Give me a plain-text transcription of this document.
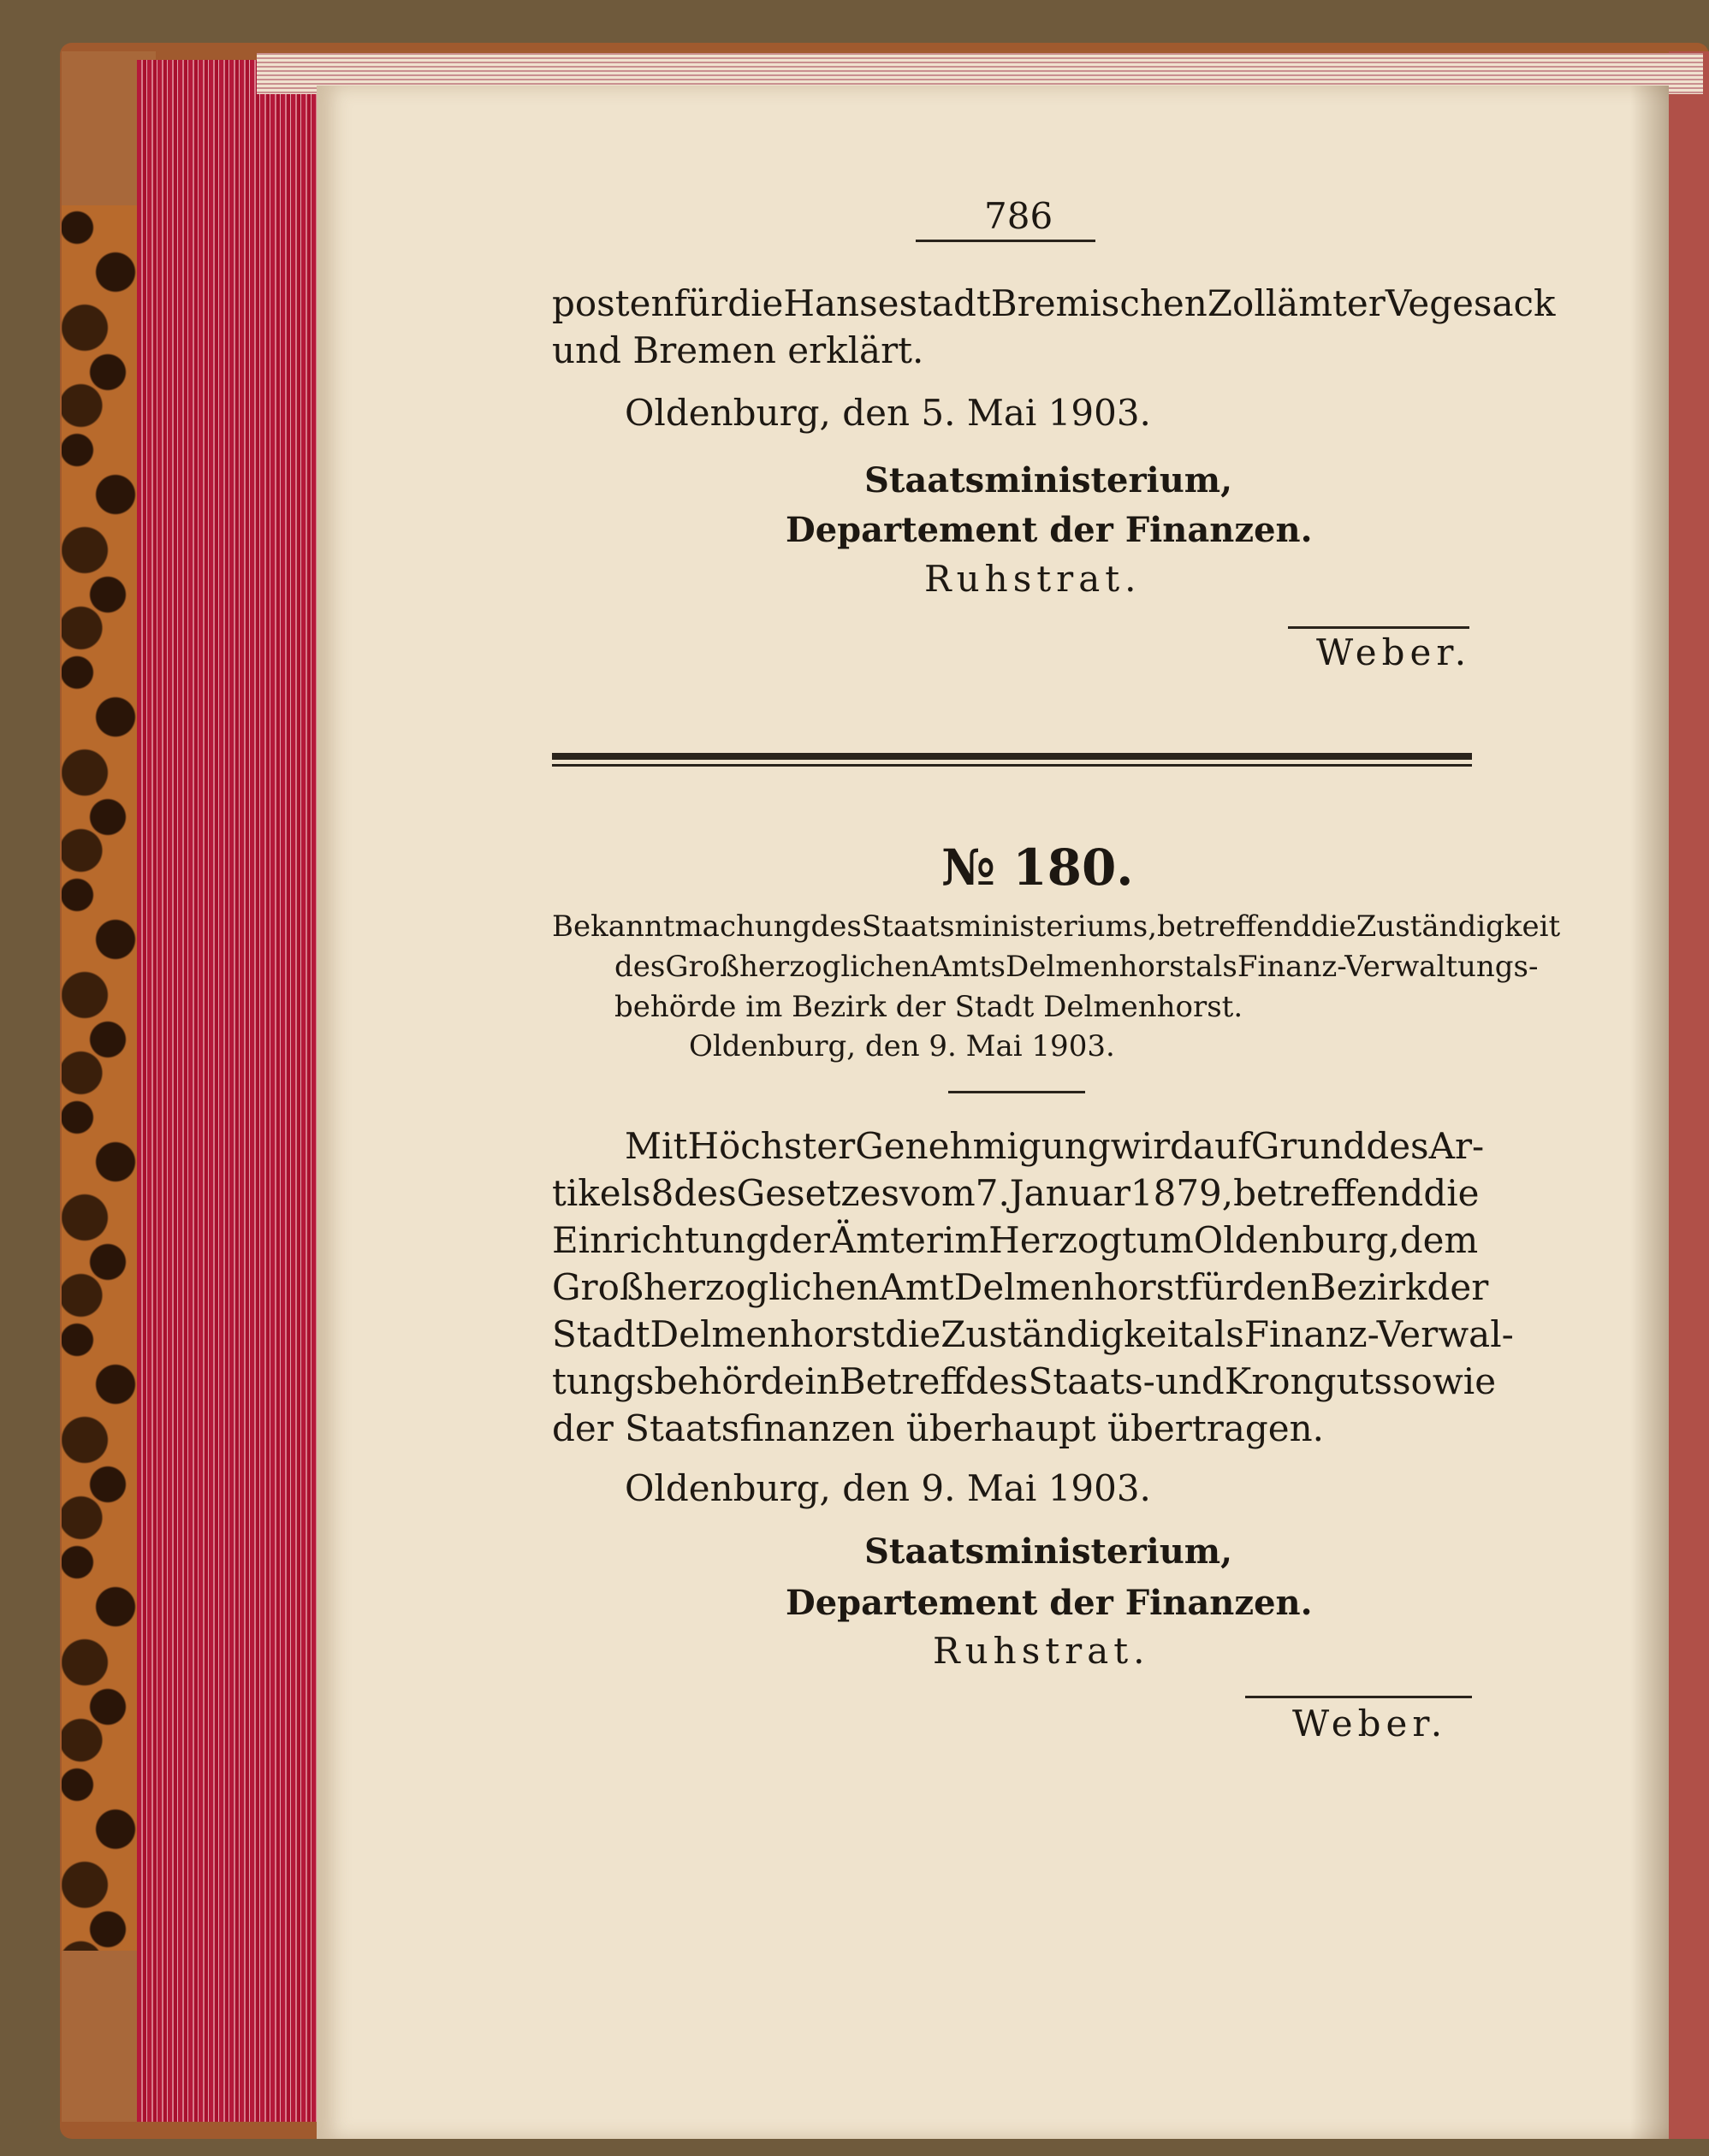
786
posten für die Hansestadt Bremischen Zollämter Vegesack
und Bremen erklärt.
Oldenburg, den 5. Mai 1903.
Staatsministerium,
Departement der Finanzen.
Ruhstrat.
Weber.
№ 180.
Bekanntmachung des Staatsministeriums, betreffend die Zuständigkeit
des Großherzoglichen Amts Delmenhorst als Finanz-Verwaltungs-
behörde im Bezirk der Stadt Delmenhorst.
Oldenburg, den 9. Mai 1903.
Mit Höchster Genehmigung wird auf Grund des Ar-
tikels 8 des Gesetzes vom 7. Januar 1879, betreffend die
Einrichtung der Ämter im Herzogtum Oldenburg, dem
Großherzoglichen Amt Delmenhorst für den Bezirk der
Stadt Delmenhorst die Zuständigkeit als Finanz-Verwal-
tungsbehörde in Betreff des Staats- und Kronguts sowie
der Staatsfinanzen überhaupt übertragen.
Oldenburg, den 9. Mai 1903.
Staatsministerium,
Departement der Finanzen.
Ruhstrat.
Weber.
